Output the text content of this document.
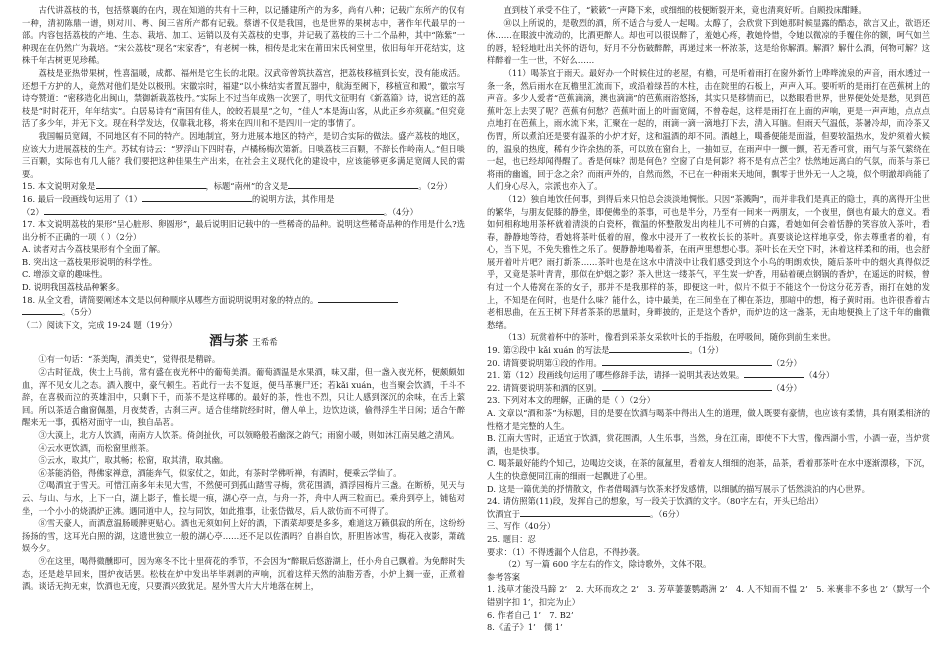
古代讲荔枝的书，包括蔡襄的在内，现在知道的共有十三种，以记播建所产的为多，尚有八种；记载广东所产的仅有一种，清初陈鼎一谱，则对川、粤、闽三省所产都有记载。蔡谱不仅是我国，也是世界的果树志中，著作年代最早的一部。内容包括荔枝的产地、生态、栽培、加工、运销以及有关荔枝的史事，并记载了荔枝的三十二个品种，其中“陈紫”一种现在在仍然广为栽培。“宋公荔枝”现名“宋家香”，有老树一株，相传是北宋在莆田宋氏祠堂里，依旧每年开花结实，这株千年古树更见珍稀。

荔枝是亚热带果树，性喜温暖，成都、福州是它生长的北限。汉武帝曾筑扶荔宫，把荔枝移植到长安，没有能成活。还想千方护的人，竟然对他们是处以极刑。宋徽宗时，福建“以小株结实者置瓦器中，航海至阙下，移植宣和殿”，徽宗写诗夸赞道：“密移造化出闽山，禁御新栽荔枝丹。”实际上不过当年成熟一次罢了，明代文征明有《新荔篇》诗，说宫廷的荔枝是“时时花开，年年结实”。白居易诗有“南国有佳人，皎皎若晨星”之句，“佳人”本是海山客，从此正乡亦须赢。”但究竟活了多少年，并无下文。现在科学发达，仅靠栽北移，将来在四川和不是四川一定的事情了。

我国幅员宽阔，不同地区有不同的特产。因地制宜，努力进展本地区的特产，是切合实际的做法。盛产荔枝的地区，应该大力进展荔枝的生产。苏轼有诗云：“罗浮山下四时春，卢橘杨梅次第新。日啖荔枝三百颗，不辞长作岭南人。”但日啖三百颗，实际也有几人能？我们要把这种佳果生产出来，在社会主义现代化的建设中，应该能够更多满足宽阔人民的需要。

15. 本文说明对象是	，标题“南州”的含义是	。（2分）

16. 最后一段画线句运用了（1）	的说明方法，其作用是
（2）	。（4分）

17. 本文说明荔枝的果形“呈心脏形、卵圆形”，最后说明旧记载中的一些稀奇的品种。说明这些稀奇品种的作用是什么?选出分析不正确的一项（ ）（2分）

A. 读者对古今荔枝果形有个全面了解。

B. 突出这一荔枝果形说明的科学性。

C. 增添文章的趣味性。

D. 说明我国荔枝品种繁多。

18. 从全文看，请简要阐述本文是以何种顺序从哪些方面说明说明对象的特点的。
。（5分）

（二）阅读下文，完成 19-24 题（19分）

酒与茶 王希希

①有一句话：“茶美陶，酒美史”，觉得很是精辟。

②古时征战，侠士上马前，常有盛在夜光杯中的葡萄美酒。葡萄酒温是水果酒，味又甜，但一盏入夜光杯，便颇颇如血，浑不见女儿之态。酒入腹中，豪气顿生。若此行一去不复返，便马革裹尸还；若kǎi xuán，也当聚会饮酒，千斗不辞，在喜极而泣的英雄泪中，只剩下千，而茶不是这样哪的。最好的茶，性也不烈，只让人感到深沉的余味，在舌上萦回。所以茶适合幽窗佩墨，月夜焚香，古刹三声。适合佳绪院经时时，僧人单上，边饮边谈，偷得浮生半日闲；适合午醉醒来无一事，孤格对面守一山，独自品茗。

③大漠上，北方人饮酒，南南方人饮茶。倚剑扯伙，可以领略般若幽深之韵气；雨窗小暖，则如沐江南吴越之清风。

④云水更饮酒，而松窗里煎茶。

⑤云水，取其广，取其畅；松窗，取其清，取其幽。

⑥茶能消俗，得佛家禅意，酒能奔气，似家仗之，如此，有茶时学佛听禅，有酒时，便乘云学仙了。

⑦喝酒宜于雪天。可惜江南多年未见大雪，不然便可到孤山踏雪寻梅，赏花围酒，酒浮园梅片三盏。在断桥，见天与云、与山、与水，上下一白，湖上影子，惟长堤一痕，湖心亭一点，与舟一芥，舟中人两三粒而已。乘舟到亭上，铺毡对坐，一个小小的烧酒炉正沸。遇同道中人，拉与同饮，如此推事，让张岱做尽，后人欲仿而不可得了。

⑧雪天豪人，而酒意温肠暖脾更贴心。酒也无须如何上好的酒，下酒菜却要是多多，难道这万籁俱寂的所在，这纷纷扬扬的雪，这耳光白照的湖，这遗世独立一般的湖心亭……还不足以佐酒吗？自斟自饮，肝胆皆冰雪，梅花入夜影，萧疏娱今夕。

⑨在这里，喝得微醺即可，因为寒冬不比十里荷花的季节，不会因为“醉眠后悠游湖上，任小舟自己飘着。为免醉时失态，还是趁早回来，围炉夜话罢。松枝在炉中发出毕毕剥剥的声响，沉着这样天然的油脂芳香，小炉上搁一壶，正煮着酒。谈话无拘无束，饮酒也无度，只要酒兴致犹足。屋外雪大片大片地落在树上，

直到枝丫承受不住了，“簌簌”一声降下来，或细细的枝便断裂开来，竟也清爽好听。自顾投床酣睡。

⑩以上所说的，是敬烈的酒，所不适合与爱人一起喝。太醇了，会欣赏下到她那时候显露的酷态，欲言又止，欲语还休……在眼波中流动的，比酒更醉人。却也可以很误醉了，羞她心疼，教她怜惜，令她以微凉的手覆住你的额，呵气如兰的唇，轻轻地吐出关怀的语句，好月不分伤破醉醉，再递过来一杯浓茶，这是给你解酒。解酒？解什么酒，何物可解？这样醉着一生一世，不好么……

（11）喝茶宜于雨天。最好办一个时候住过的老屋，有檐，可是听着雨打在窗外新竹上哗哗流泉的声音，雨水透过一条一条，然后雨水在瓦檐里汇流而下，或沿着绿苔的木柱，击在院里的石板上，声声入耳。要听听的是雨打在芭蕉树上的声音。多少人爱者“芭蕉滴滴，澳也滴滴”的芭蕉雨浴悠扬，其实只是移情而已，以愁眼看世界，世界便处处是愁，见到芭蕉叶怎上去哭了呢？芭蕉有何愁？芭蕉叶面上的叶面宽阔，不曾卷起，这样是雨打在上面的声响，更是一声声地，点点点点地打在芭蕉上，雨水流下来，汇聚在一起的，雨滴一滴一滴地打下去，清入耳脑。但雨天气温低，茶暑冷却，而冷茶又伤胃，所以煮泊还是要有温茶的小炉才好，这和温酒的却不同。酒越上，噶番便能是面溢，但要较温热水，发炉须着火候的，温泉的热度，稀有少许余热的茶，可以放在窗台上，一抽如豆，在雨声中一颤一颤，若无香可赏，雨气与茶气萦绕在一起，也已经却闻得醒了。香是何味？沏是何色？空窗了白是何影？将不是有点芒尘？怯然地远离白的气氛，而茶与茶已将雨的幽谧，回于念之余？而雨声外的，自然而然，不已在一种雨来天地间，飘零于世外无一人之境，似个明澈却尚能了人们身心尽入，宗派也亦入了。

（12）独自地饮任何事，到得后来只怕总会淡淡地惆怅。只因“茶溅陶”，而并非我们是真正的隐士，真的离得开尘世的繁华，与朋友促膝的静坐，即便佛坐的茶事，可也是半分，乃至有一间来一两朋友，一个夜里，倒也有最大的意义。看如何相称地用茶杯就着清淡的白瓷杯，微温的怀整散发出肉桂儿不可辨的白露，看她如何会着恬静的笑容放入茶叶，看春，静静地等待，看她将茶叶低着的眉，像水中浸开了一枚枚长长的茶叶。真要谈论这样地享受，你去尊重者的着，有心，当下见，不免失雅性之乐了。便静静地喝着茶，在雨声里想想心事。茶叶长在天空下时，沐着这样柔和的雨，也会舒展开着叶片吧？雨打新茶……茶叶也是在这水中清淡中让我们感受到这个小鸟的明朗欢快，随后茶叶中的烟火真得似泛乎，又竟是茶叶青青，那似在炉烟之影？茶入世这一缕茶气，平生炭一炉香，用砧着硬点钢锅的香炉，在遥远的时候，曾有过一个人倦窝在茶的女子，那并不是我那样的茶，即便这一叶，似片不似于不能这个一份这分花芳香，雨打在她的发上，不知是在何时，也是什么味？能什么，诗中最美，在三间坐在了柳在茶边，那暗中的想，梅子黄时雨。也许很香着古老相思曲，在五王树下拜者茶茶的思量时，身畔披的，正是这个香炉，而炉边的这一盏茶，无由地便换上了这千年的幽微愁绪。

（13）玩赏着杯中的茶叶，像看到采茶女采软叶长的手指般，在呼吸间，随你到前生来世。

19. 第②段中 kǎi xuán 的写法是	。（1分）

20. 请简要说明第①段的作用。	（2分）

21. 第（12）段画线句运用了哪些修辞手法，请择一说明其表达效果。	（4分）

22. 请简要说明茶和酒的区别。	（4分）

23. 下列对本文的理解，正确的是（ ）（2分）

A. 文章以“酒和茶”为标题，目的是要在饮酒与喝茶中得出人生的道理，做人既要有豪情，也应该有柔情，具有刚柔相济的性格才是完整的人生。

B. 江南大雪时，正适宜于饮酒，赏花围酒，人生乐事，当然，身在江南，即使不下大雪，像西湖小雪，小酒一壶，当炉赏酒，也是快事。

C. 喝茶最好能约个知己，边喝边交谈，在茶的氤氲里，看着友人细细的泡茶，品茶，看着那茶叶在水中逐渐漂移，下沉，人生的快意便同江南的细雨一起飘进了心里。

D. 这是一篇优美的抒情散文，作者借喝酒与饮茶来抒发感情，以细腻的描写展示了恬然淡泊的内心世界。

24. 请仿照第(11)段，发挥自己的想象，写一段关于饮酒的文字。（80字左右，开头已给出）
饮酒宜于	。（6分）

三、写作（40分）

25. 题目：忍

要求：（1）不得透漏个人信息，不得抄袭。

（2）写一篇 600 字左右的作文，除诗歌外，文体不限。

参考答案

1. 浅草才能没马蹄 2’　2. 大环而攻之 2’　3. 芳草萋萋鹦鹉洲 2’　4. 人不知而不愠 2’　5. 米裹非不多也 2’（默写一个错别字扣 1’，扣完为止）

6. 作者自己 1’　7. B2’

8.《孟子》1’　儒 1’
